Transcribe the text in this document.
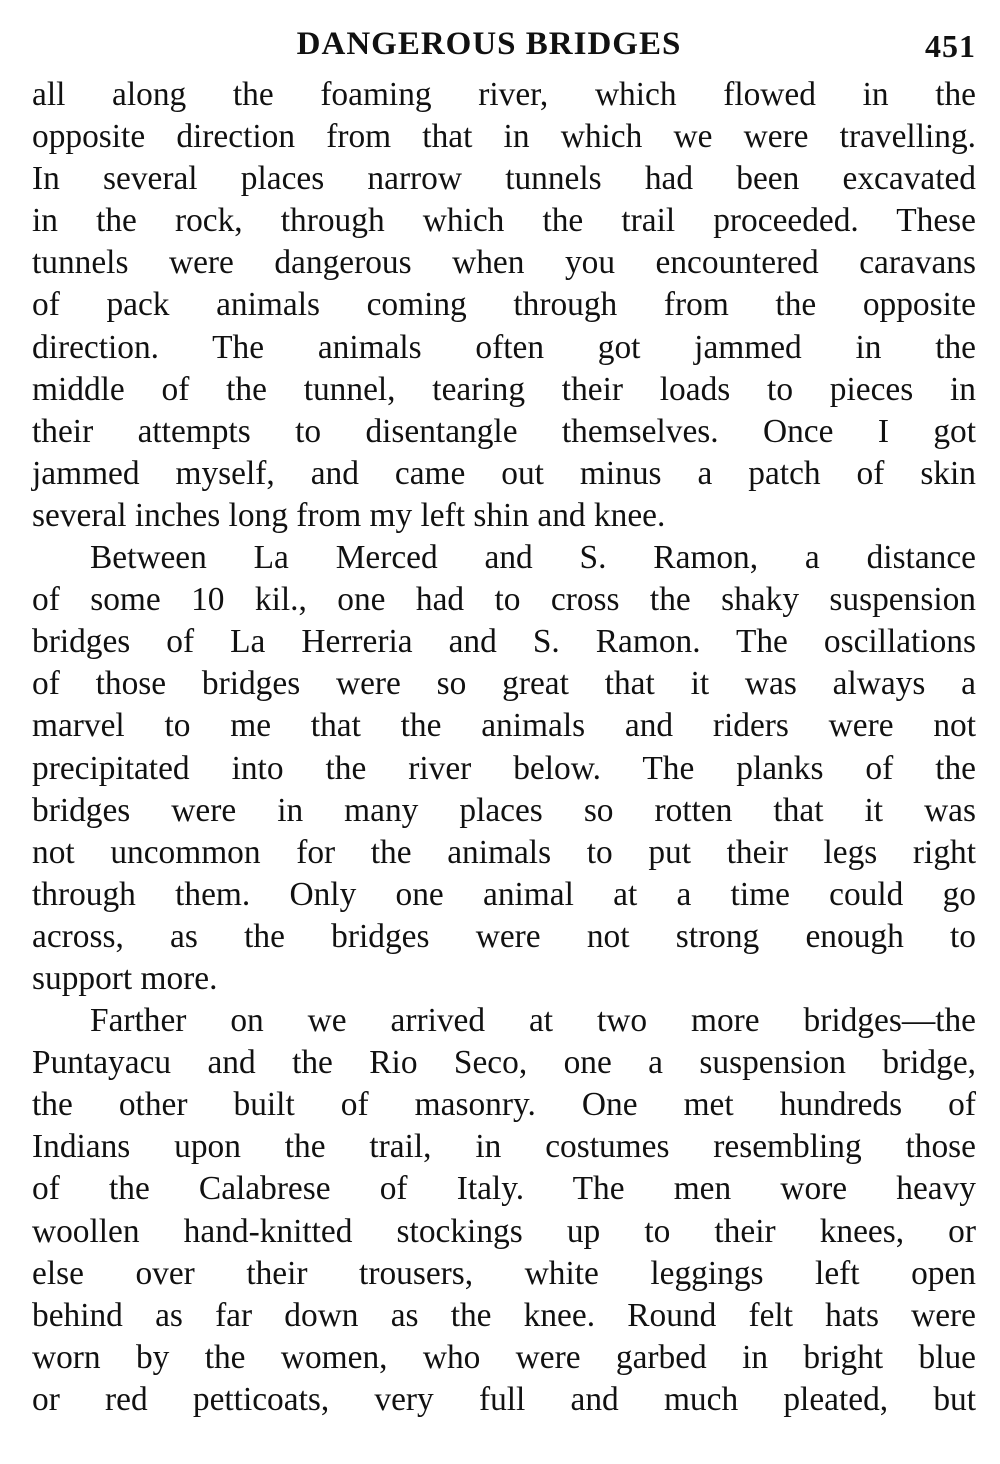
DANGEROUS BRIDGES	451
all along the foaming river, which flowed in the
opposite direction from that in which we were travelling.
In several places narrow tunnels had been excavated
in the rock, through which the trail proceeded. These
tunnels were dangerous when you encountered caravans
of pack animals coming through from the opposite
direction. The animals often got jammed in the
middle of the tunnel, tearing their loads to pieces in
their attempts to disentangle themselves. Once I got
jammed myself, and came out minus a patch of skin
several inches long from my left shin and knee.
Between La Merced and S. Ramon, a distance
of some 10 kil., one had to cross the shaky suspension
bridges of La Herreria and S. Ramon. The oscillations
of those bridges were so great that it was always a
marvel to me that the animals and riders were not
precipitated into the river below. The planks of the
bridges were in many places so rotten that it was
not uncommon for the animals to put their legs right
through them. Only one animal at a time could go
across, as the bridges were not strong enough to
support more.
Farther on we arrived at two more bridges—the
Puntayacu and the Rio Seco, one a suspension bridge,
the other built of masonry. One met hundreds of
Indians upon the trail, in costumes resembling those
of the Calabrese of Italy. The men wore heavy
woollen hand-knitted stockings up to their knees, or
else over their trousers, white leggings left open
behind as far down as the knee. Round felt hats were
worn by the women, who were garbed in bright blue
or red petticoats, very full and much pleated, but
